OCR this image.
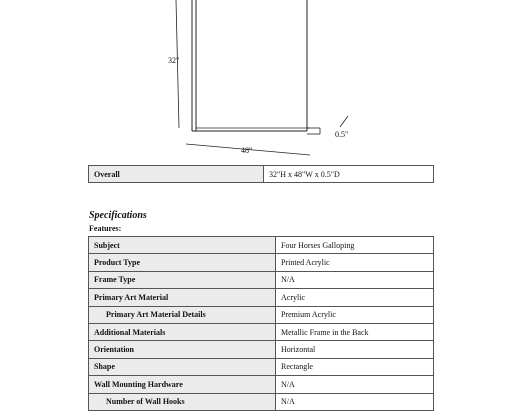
32"
48"
0.5"
Overall	32"H x 48"W x 0.5"D
Specifications
Features:
Subject	Four Horses Galloping
Product Type	Printed Acrylic
Frame Type	N/A
Primary Art Material	Acrylic
Primary Art Material Details	Premium Acrylic
Additional Materials	Metallic Frame in the Back
Orientation	Horizontal
Shape	Rectangle
Wall Mounting Hardware	N/A
Number of Wall Hooks	N/A
